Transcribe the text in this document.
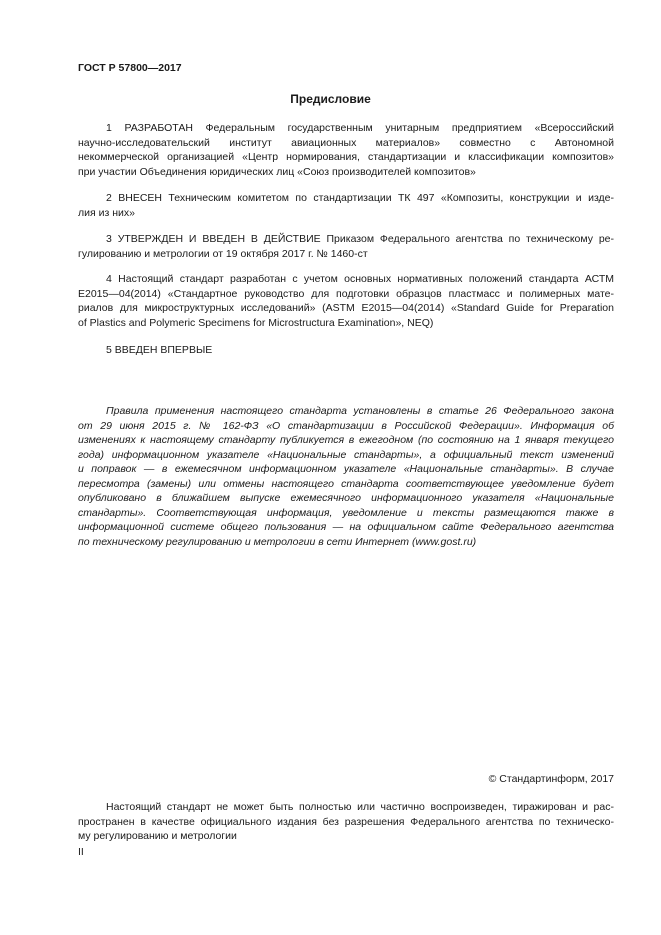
ГОСТ Р 57800—2017
Предисловие
1 РАЗРАБОТАН Федеральным государственным унитарным предприятием «Всероссийский
научно-исследовательский институт авиационных материалов» совместно с Автономной
некоммерческой организацией «Центр нормирования, стандартизации и классификации композитов»
при участии Объединения юридических лиц «Союз производителей композитов»
2 ВНЕСЕН Техническим комитетом по стандартизации ТК 497 «Композиты, конструкции и изде-
лия из них»
3 УТВЕРЖДЕН И ВВЕДЕН В ДЕЙСТВИЕ Приказом Федерального агентства по техническому ре-
гулированию и метрологии от 19 октября 2017 г. № 1460-ст
4 Настоящий стандарт разработан с учетом основных нормативных положений стандарта АСТМ
Е2015—04(2014) «Стандартное руководство для подготовки образцов пластмасс и полимерных мате-
риалов для микроструктурных исследований» (ASTM E2015—04(2014) «Standard Guide for Preparation
of Plastics and Polymeric Specimens for Microstructura Examination», NEQ)
5 ВВЕДЕН ВПЕРВЫЕ
Правила применения настоящего стандарта установлены в статье 26 Федерального закона
от 29 июня 2015 г. № 162-ФЗ «О стандартизации в Российской Федерации». Информация об
изменениях к настоящему стандарту публикуется в ежегодном (по состоянию на 1 января текущего
года) информационном указателе «Национальные стандарты», а официальный текст изменений
и поправок — в ежемесячном информационном указателе «Национальные стандарты». В случае
пересмотра (замены) или отмены настоящего стандарта соответствующее уведомление будет
опубликовано в ближайшем выпуске ежемесячного информационного указателя «Национальные
стандарты». Соответствующая информация, уведомление и тексты размещаются также в
информационной системе общего пользования — на официальном сайте Федерального агентства
по техническому регулированию и метрологии в сети Интернет (www.gost.ru)
© Стандартинформ, 2017
Настоящий стандарт не может быть полностью или частично воспроизведен, тиражирован и рас-
пространен в качестве официального издания без разрешения Федерального агентства по техническо-
му регулированию и метрологии
II
